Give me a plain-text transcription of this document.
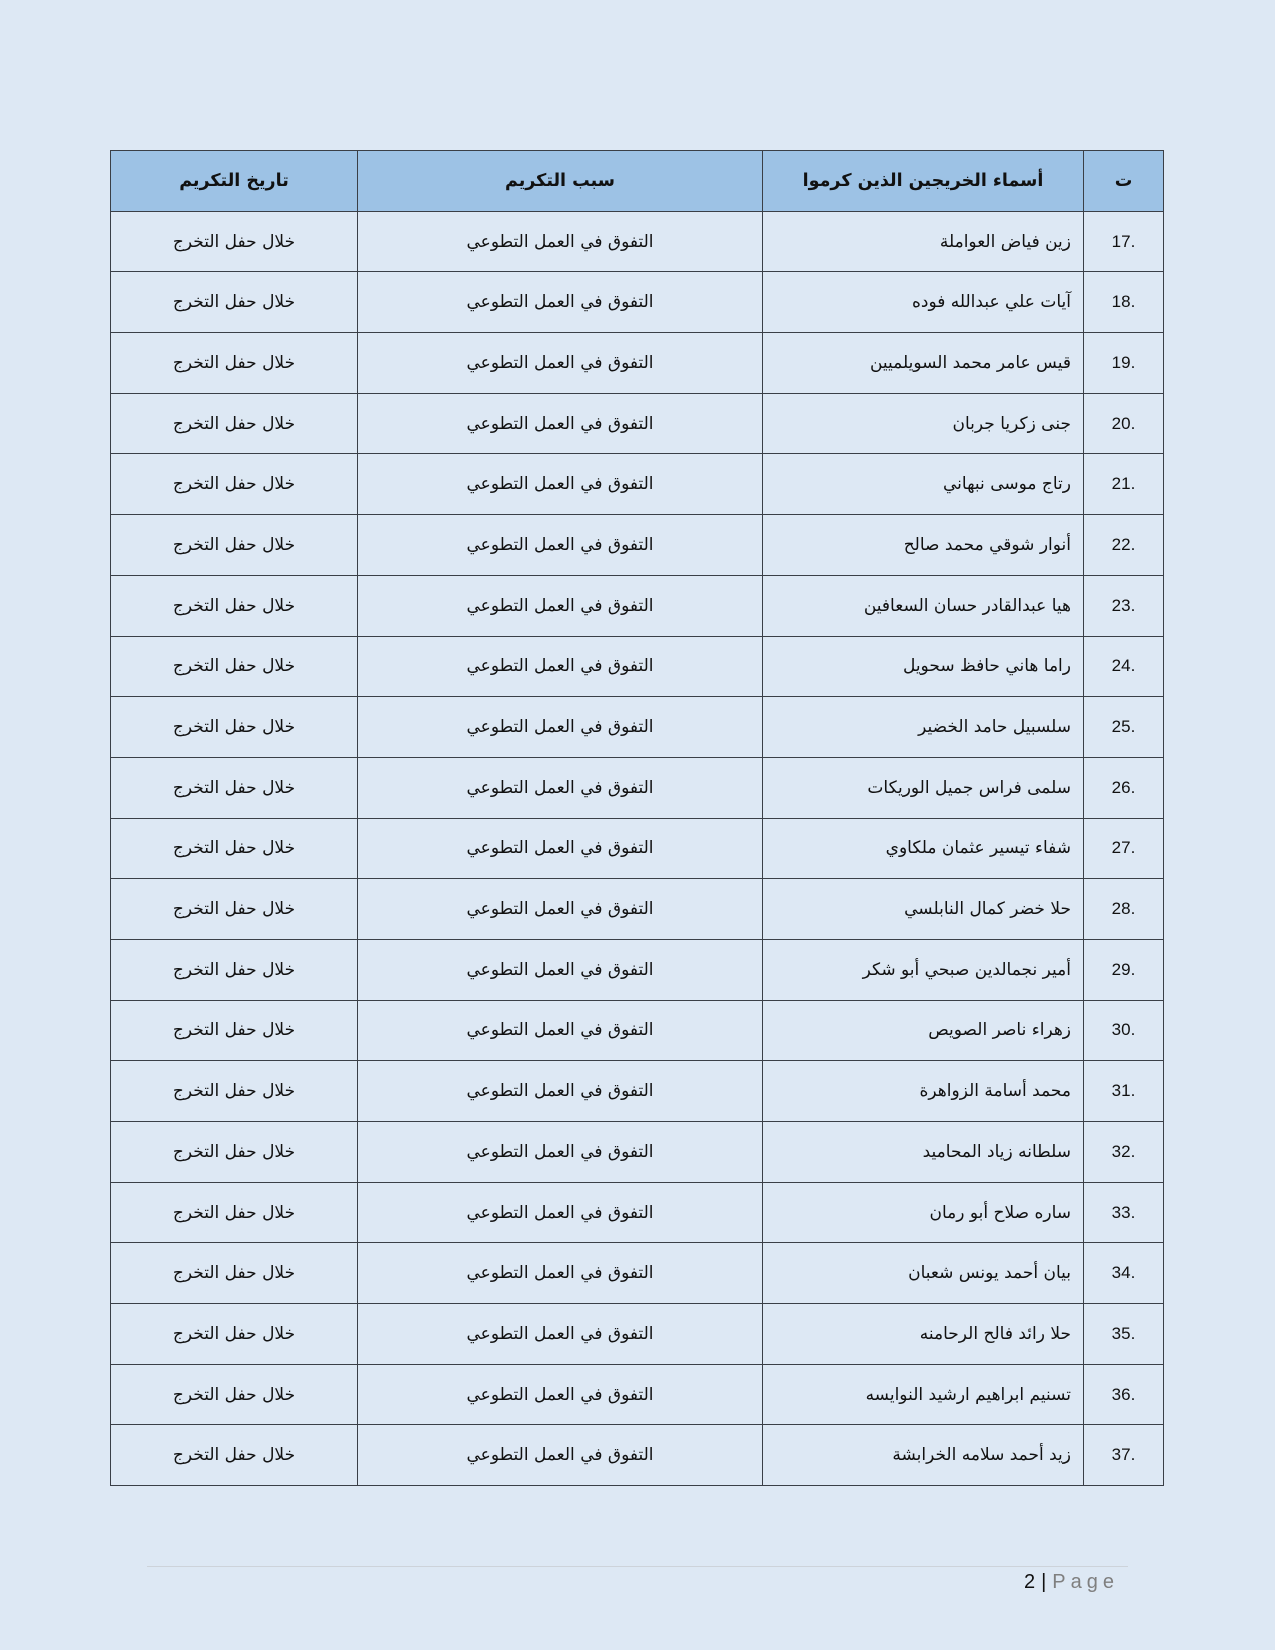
ت	أسماء الخريجين الذين كرموا	سبب التكريم	تاريخ التكريم
17.	زين فياض العواملة	التفوق في العمل التطوعي	خلال حفل التخرج
18.	آيات علي عبدالله فوده	التفوق في العمل التطوعي	خلال حفل التخرج
19.	قيس عامر محمد السويلميين	التفوق في العمل التطوعي	خلال حفل التخرج
20.	جنى زكريا جربان	التفوق في العمل التطوعي	خلال حفل التخرج
21.	رتاج موسى نبهاني	التفوق في العمل التطوعي	خلال حفل التخرج
22.	أنوار شوقي محمد صالح	التفوق في العمل التطوعي	خلال حفل التخرج
23.	هيا عبدالقادر حسان السعافين	التفوق في العمل التطوعي	خلال حفل التخرج
24.	راما هاني حافظ سحويل	التفوق في العمل التطوعي	خلال حفل التخرج
25.	سلسبيل حامد الخضير	التفوق في العمل التطوعي	خلال حفل التخرج
26.	سلمى فراس جميل الوريكات	التفوق في العمل التطوعي	خلال حفل التخرج
27.	شفاء تيسير عثمان ملكاوي	التفوق في العمل التطوعي	خلال حفل التخرج
28.	حلا خضر كمال النابلسي	التفوق في العمل التطوعي	خلال حفل التخرج
29.	أمير نجمالدين صبحي أبو شكر	التفوق في العمل التطوعي	خلال حفل التخرج
30.	زهراء ناصر الصويص	التفوق في العمل التطوعي	خلال حفل التخرج
31.	محمد أسامة الزواهرة	التفوق في العمل التطوعي	خلال حفل التخرج
32.	سلطانه زياد المحاميد	التفوق في العمل التطوعي	خلال حفل التخرج
33.	ساره صلاح أبو رمان	التفوق في العمل التطوعي	خلال حفل التخرج
34.	بيان أحمد يونس شعبان	التفوق في العمل التطوعي	خلال حفل التخرج
35.	حلا رائد فالح الرحامنه	التفوق في العمل التطوعي	خلال حفل التخرج
36.	تسنيم ابراهيم ارشيد النوايسه	التفوق في العمل التطوعي	خلال حفل التخرج
37.	زيد أحمد سلامه الخرابشة	التفوق في العمل التطوعي	خلال حفل التخرج
2 | Page
